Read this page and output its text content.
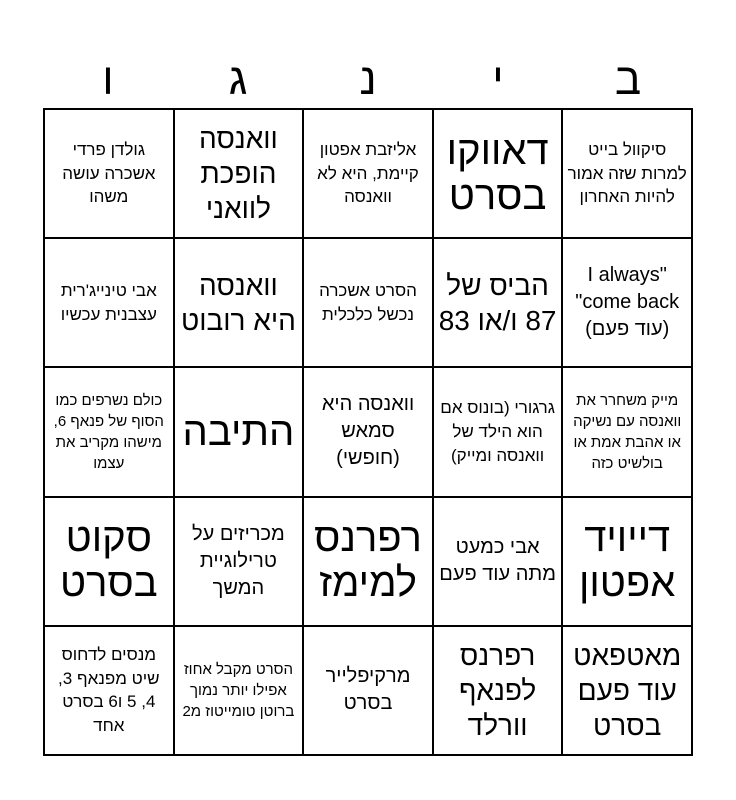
ב
י
נ
ג
ו
סיקוול בייט למרות שזה אמור להיות האחרון
דאווקו בסרט
אליזבת אפטון קיימת, היא לא וואנסה
וואנסה הופכת לוואני
גולדן פרדי אשכרה עושה משהו
"I always come back" (עוד פעם)
הביס של 87 ו/או 83
הסרט אשכרה נכשל כלכלית
וואנסה היא רובוט
אבי טינייג'רית עצבנית עכשיו
מייק משחרר את וואנסה עם נשיקה או אהבת אמת או בולשיט כזה
גרגורי (בונוס אם הוא הילד של וואנסה ומייק)
וואנסה היא סמאש (חופשי)
התיבה
כולם נשרפים כמו הסוף של פנאף 6, מישהו מקריב את עצמו
דייויד אפטון
אבי כמעט מתה עוד פעם
רפרנס למימז
מכריזים על טרילוגיית המשך
סקוט בסרט
מאטפאט עוד פעם בסרט
רפרנס לפנאף וורלד
מרקיפלייר בסרט
הסרט מקבל אחוז אפילו יותר נמוך ברוטן טומייטוז מ2
מנסים לדחוס שיט מפנאף 3, 4, 5 ו6 בסרט אחד
